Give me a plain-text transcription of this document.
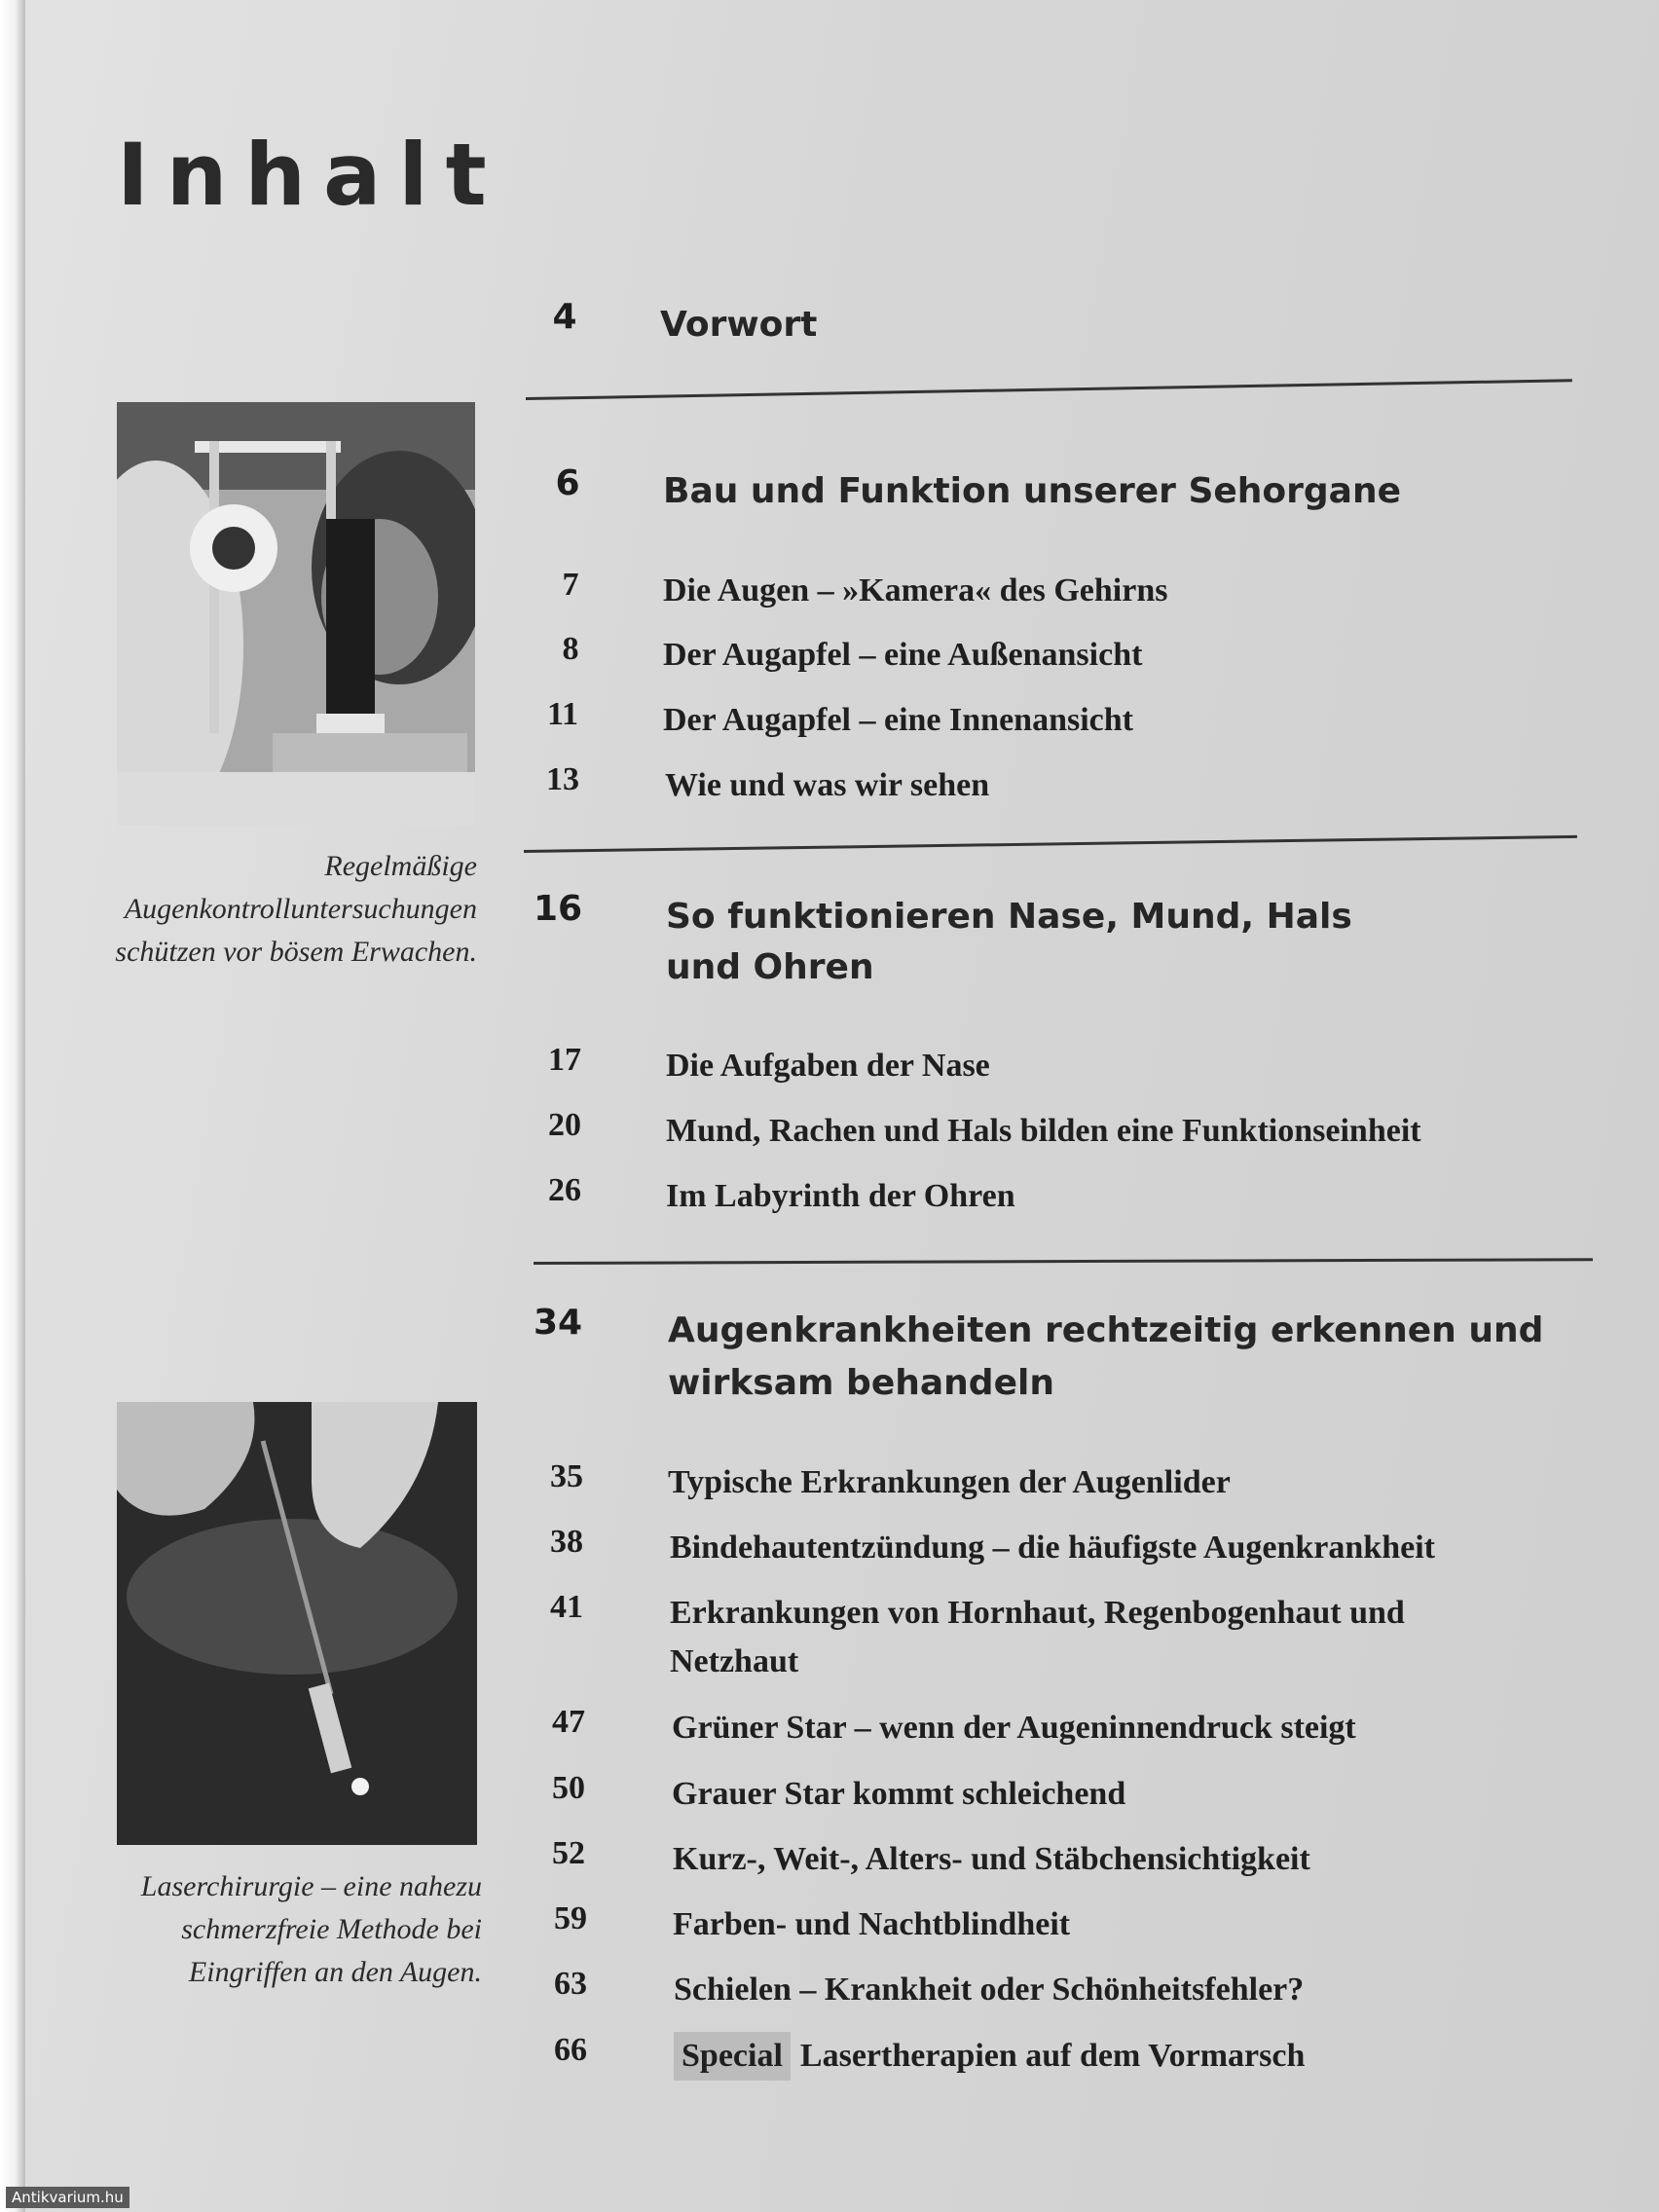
Inhalt

Regelmäßige Augenkontrolluntersuchungen schützen vor bösem Erwachen.

Laserchirurgie – eine nahezu schmerzfreie Methode bei Eingriffen an den Augen.

4	Vorwort
6	Bau und Funktion unserer Sehorgane
7	Die Augen – »Kamera« des Gehirns
8	Der Augapfel – eine Außenansicht
11	Der Augapfel – eine Innenansicht
13	Wie und was wir sehen
16	So funktionieren Nase, Mund, Hals
und Ohren
17	Die Aufgaben der Nase
20	Mund, Rachen und Hals bilden eine Funktionseinheit
26	Im Labyrinth der Ohren
34	Augenkrankheiten rechtzeitig erkennen und
wirksam behandeln
35	Typische Erkrankungen der Augenlider
38	Bindehautentzündung – die häufigste Augenkrankheit
41	Erkrankungen von Hornhaut, Regenbogenhaut und
Netzhaut
47	Grüner Star – wenn der Augeninnendruck steigt
50	Grauer Star kommt schleichend
52	Kurz-, Weit-, Alters- und Stäbchensichtigkeit
59	Farben- und Nachtblindheit
63	Schielen – Krankheit oder Schönheitsfehler?
66	Special Lasertherapien auf dem Vormarsch
Antikvarium.hu
